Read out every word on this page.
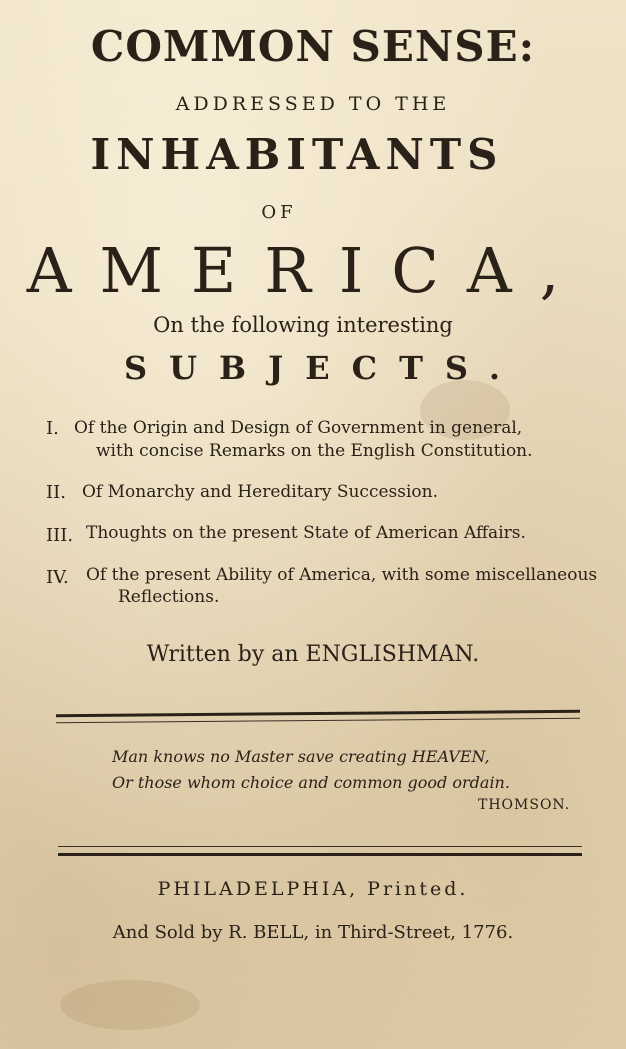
COMMON SENSE:
ADDRESSED TO THE
INHABITANTS
OF
AMERICA,
On the following interesting
SUBJECTS.
I. Of the Origin and Design of Government in general,
with concise Remarks on the English Constitution.
II. Of Monarchy and Hereditary Succession.
III. Thoughts on the present State of American Affairs.
IV. Of the present Ability of America, with some miscellaneous
Reflections.
Written by an ENGLISHMAN.
Man knows no Master save creating HEAVEN,
Or those whom choice and common good ordain.
THOMSON.
PHILADELPHIA, Printed.
And Sold by R. BELL, in Third-Street, 1776.
